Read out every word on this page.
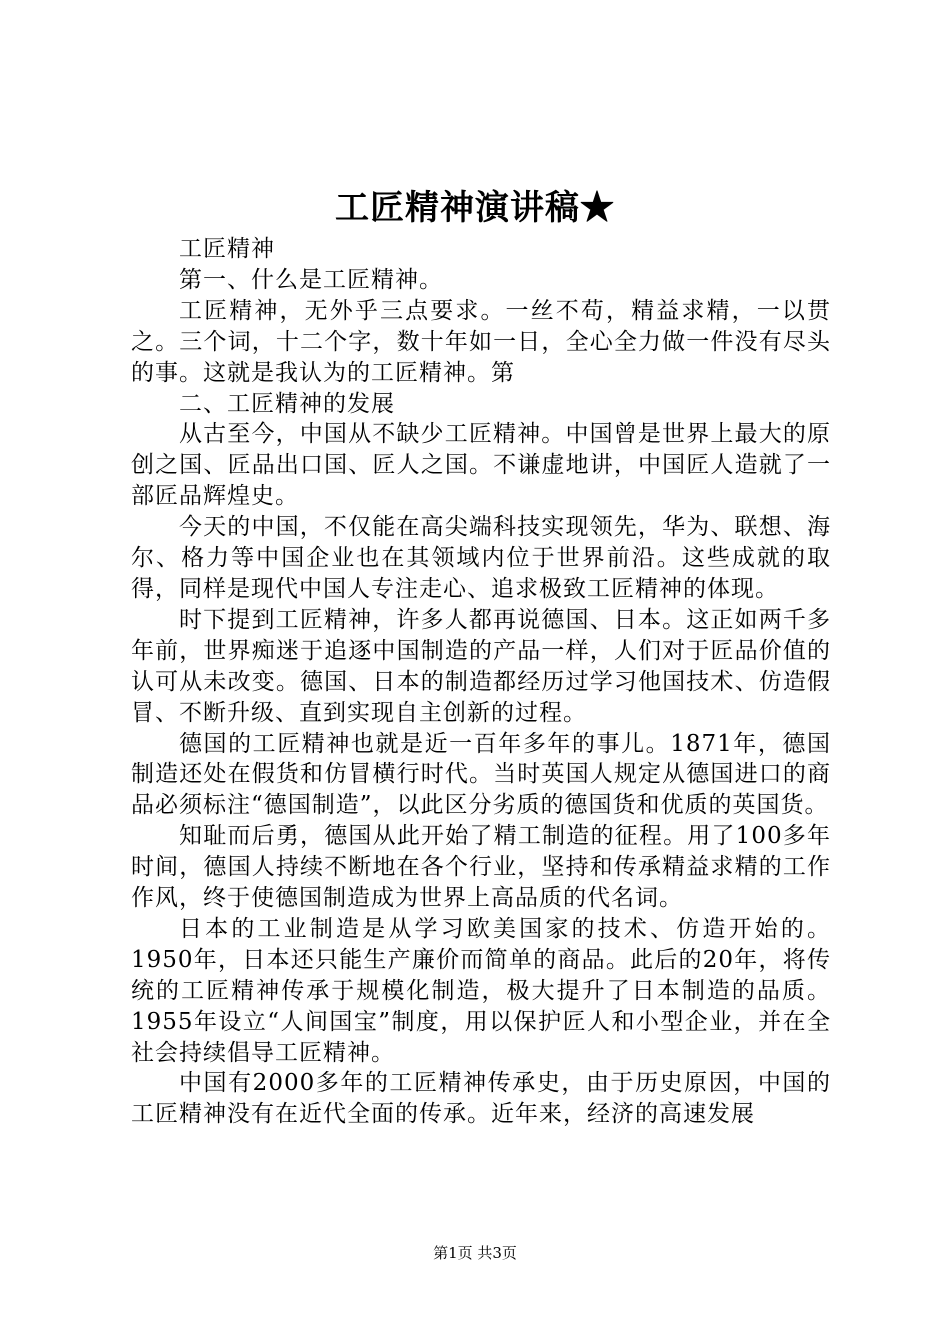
工匠精神演讲稿★

工匠精神

第一、什么是工匠精神。

工匠精神，无外乎三点要求。一丝不苟，精益求精，一以贯之。三个词，十二个字，数十年如一日，全心全力做一件没有尽头的事。这就是我认为的工匠精神。第

二、工匠精神的发展

从古至今，中国从不缺少工匠精神。中国曾是世界上最大的原创之国、匠品出口国、匠人之国。不谦虚地讲，中国匠人造就了一部匠品辉煌史。

今天的中国，不仅能在高尖端科技实现领先，华为、联想、海尔、格力等中国企业也在其领域内位于世界前沿。这些成就的取得，同样是现代中国人专注走心、追求极致工匠精神的体现。

时下提到工匠精神，许多人都再说德国、日本。这正如两千多年前，世界痴迷于追逐中国制造的产品一样，人们对于匠品价值的认可从未改变。德国、日本的制造都经历过学习他国技术、仿造假冒、不断升级、直到实现自主创新的过程。

德国的工匠精神也就是近一百年多年的事儿。1871年，德国制造还处在假货和仿冒横行时代。当时英国人规定从德国进口的商品必须标注“德国制造”，以此区分劣质的德国货和优质的英国货。

知耻而后勇，德国从此开始了精工制造的征程。用了100多年时间，德国人持续不断地在各个行业，坚持和传承精益求精的工作作风，终于使德国制造成为世界上高品质的代名词。

日本的工业制造是从学习欧美国家的技术、仿造开始的。1950年，日本还只能生产廉价而简单的商品。此后的20年，将传统的工匠精神传承于规模化制造，极大提升了日本制造的品质。1955年设立“人间国宝”制度，用以保护匠人和小型企业，并在全社会持续倡导工匠精神。

中国有2000多年的工匠精神传承史，由于历史原因，中国的工匠精神没有在近代全面的传承。近年来，经济的高速发展

第1页 共3页
